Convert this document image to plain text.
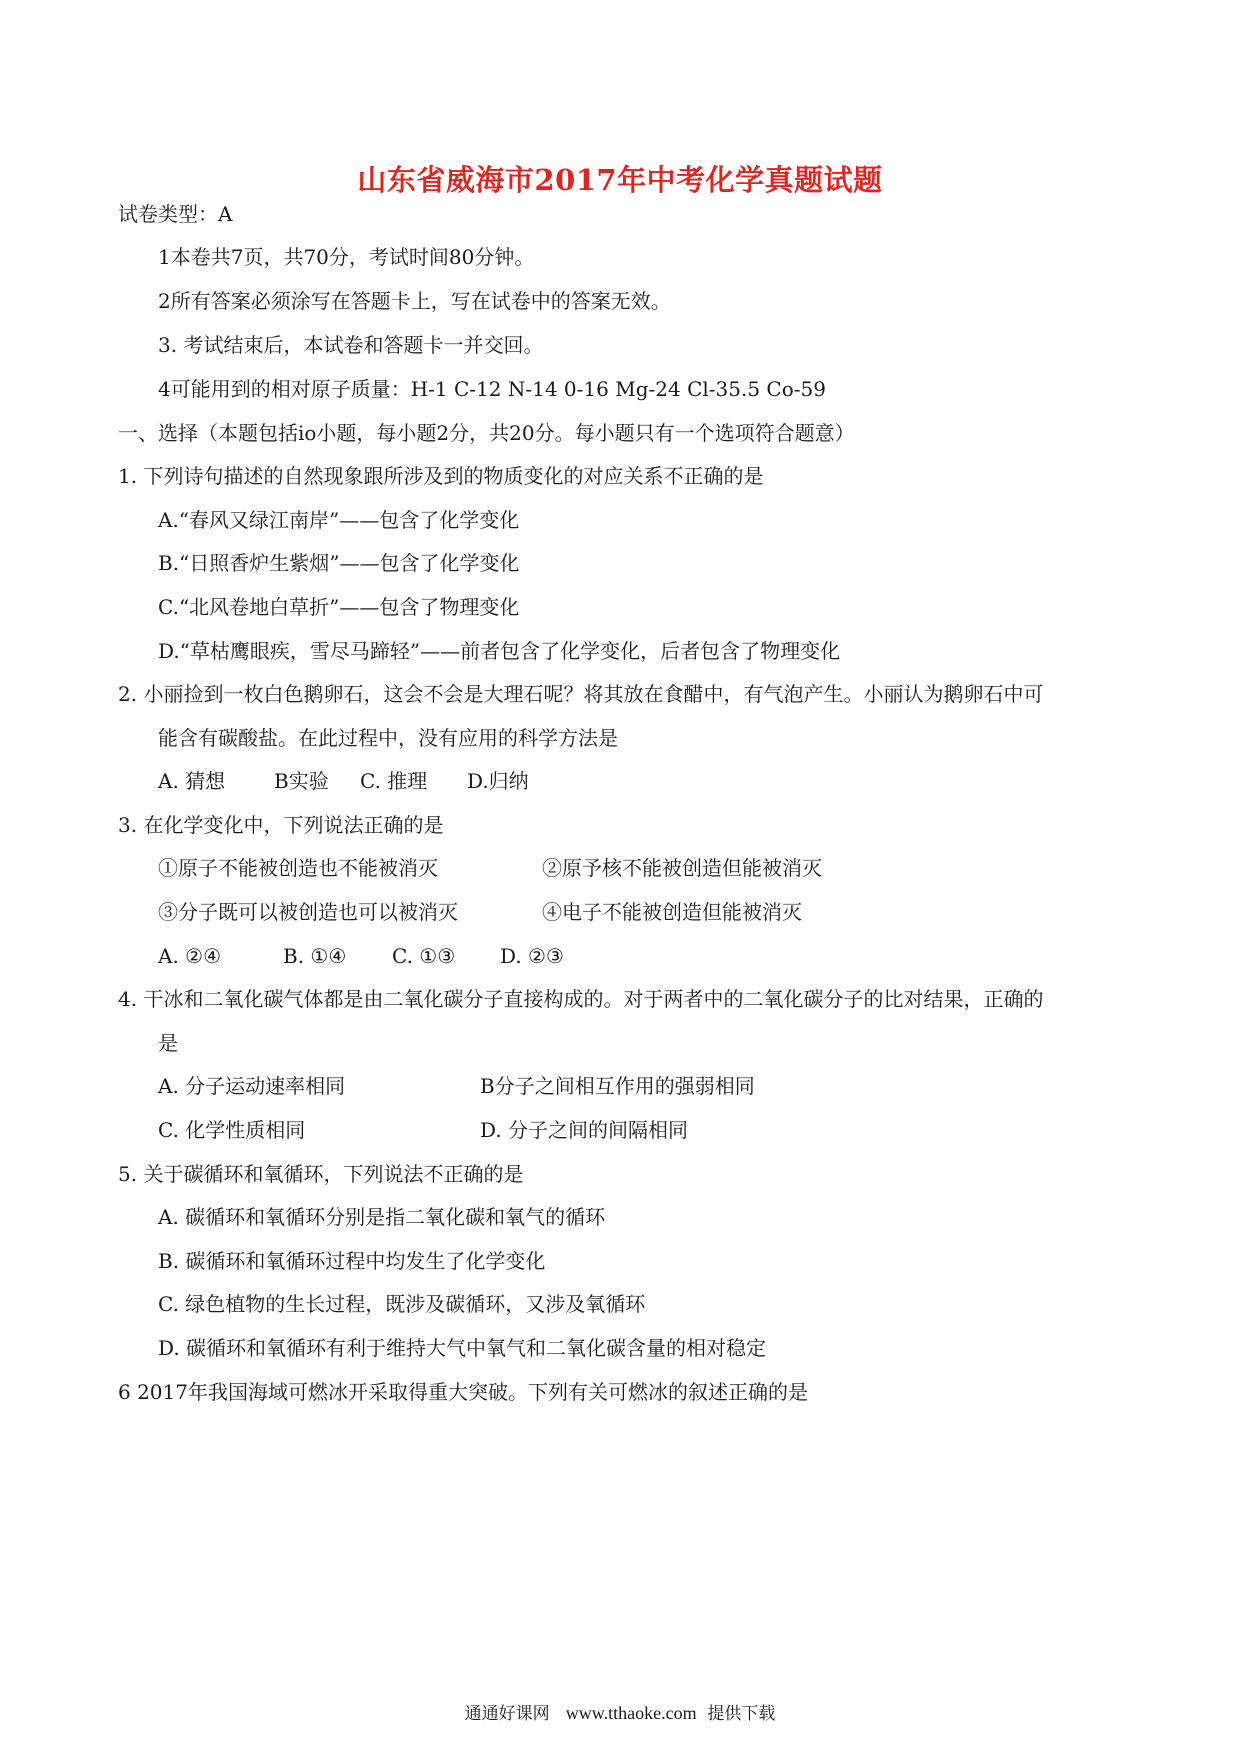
山东省威海市2017年中考化学真题试题
试卷类型：A
1本卷共7页，共70分，考试时间80分钟。
2所有答案必须涂写在答题卡上，写在试卷中的答案无效。
3. 考试结束后，本试卷和答题卡一并交回。
4可能用到的相对原子质量：H-1 C-12 N-14 0-16 Mg-24 Cl-35.5 Co-59
一、选择（本题包括io小题，每小题2分，共20分。每小题只有一个选项符合题意）
1. 下列诗句描述的自然现象跟所涉及到的物质变化的对应关系不正确的是
A.“春风又绿江南岸”——包含了化学变化
B.“日照香炉生紫烟”——包含了化学变化
C.“北风卷地白草折”——包含了物理变化
D.“草枯鹰眼疾，雪尽马蹄轻”——前者包含了化学变化，后者包含了物理变化
2. 小丽捡到一枚白色鹅卵石，这会不会是大理石呢？将其放在食醋中，有气泡产生。小丽认为鹅卵石中可
能含有碳酸盐。在此过程中，没有应用的科学方法是
A. 猜想 B实验 C. 推理 D.归纳
3. 在化学变化中，下列说法正确的是
①原子不能被创造也不能被消灭	②原予核不能被创造但能被消灭
③分子既可以被创造也可以被消灭	④电子不能被创造但能被消灭
A. ②④	B. ①④ C. ①③ D. ②③
4. 干冰和二氧化碳气体都是由二氧化碳分子直接构成的。对于两者中的二氧化碳分子的比对结果，正确的
是
A. 分子运动速率相同	B分子之间相互作用的强弱相同
C. 化学性质相同	D. 分子之间的间隔相同
5. 关于碳循环和氧循环，下列说法不正确的是
A. 碳循环和氧循环分别是指二氧化碳和氧气的循环
B. 碳循环和氧循环过程中均发生了化学变化
C. 绿色植物的生长过程，既涉及碳循环，又涉及氧循环
D. 碳循环和氧循环有利于维持大气中氧气和二氧化碳含量的相对稳定
6 2017年我国海域可燃冰开采取得重大突破。下列有关可燃冰的叙述正确的是
通通好课网 www.tthaoke.com 提供下载
